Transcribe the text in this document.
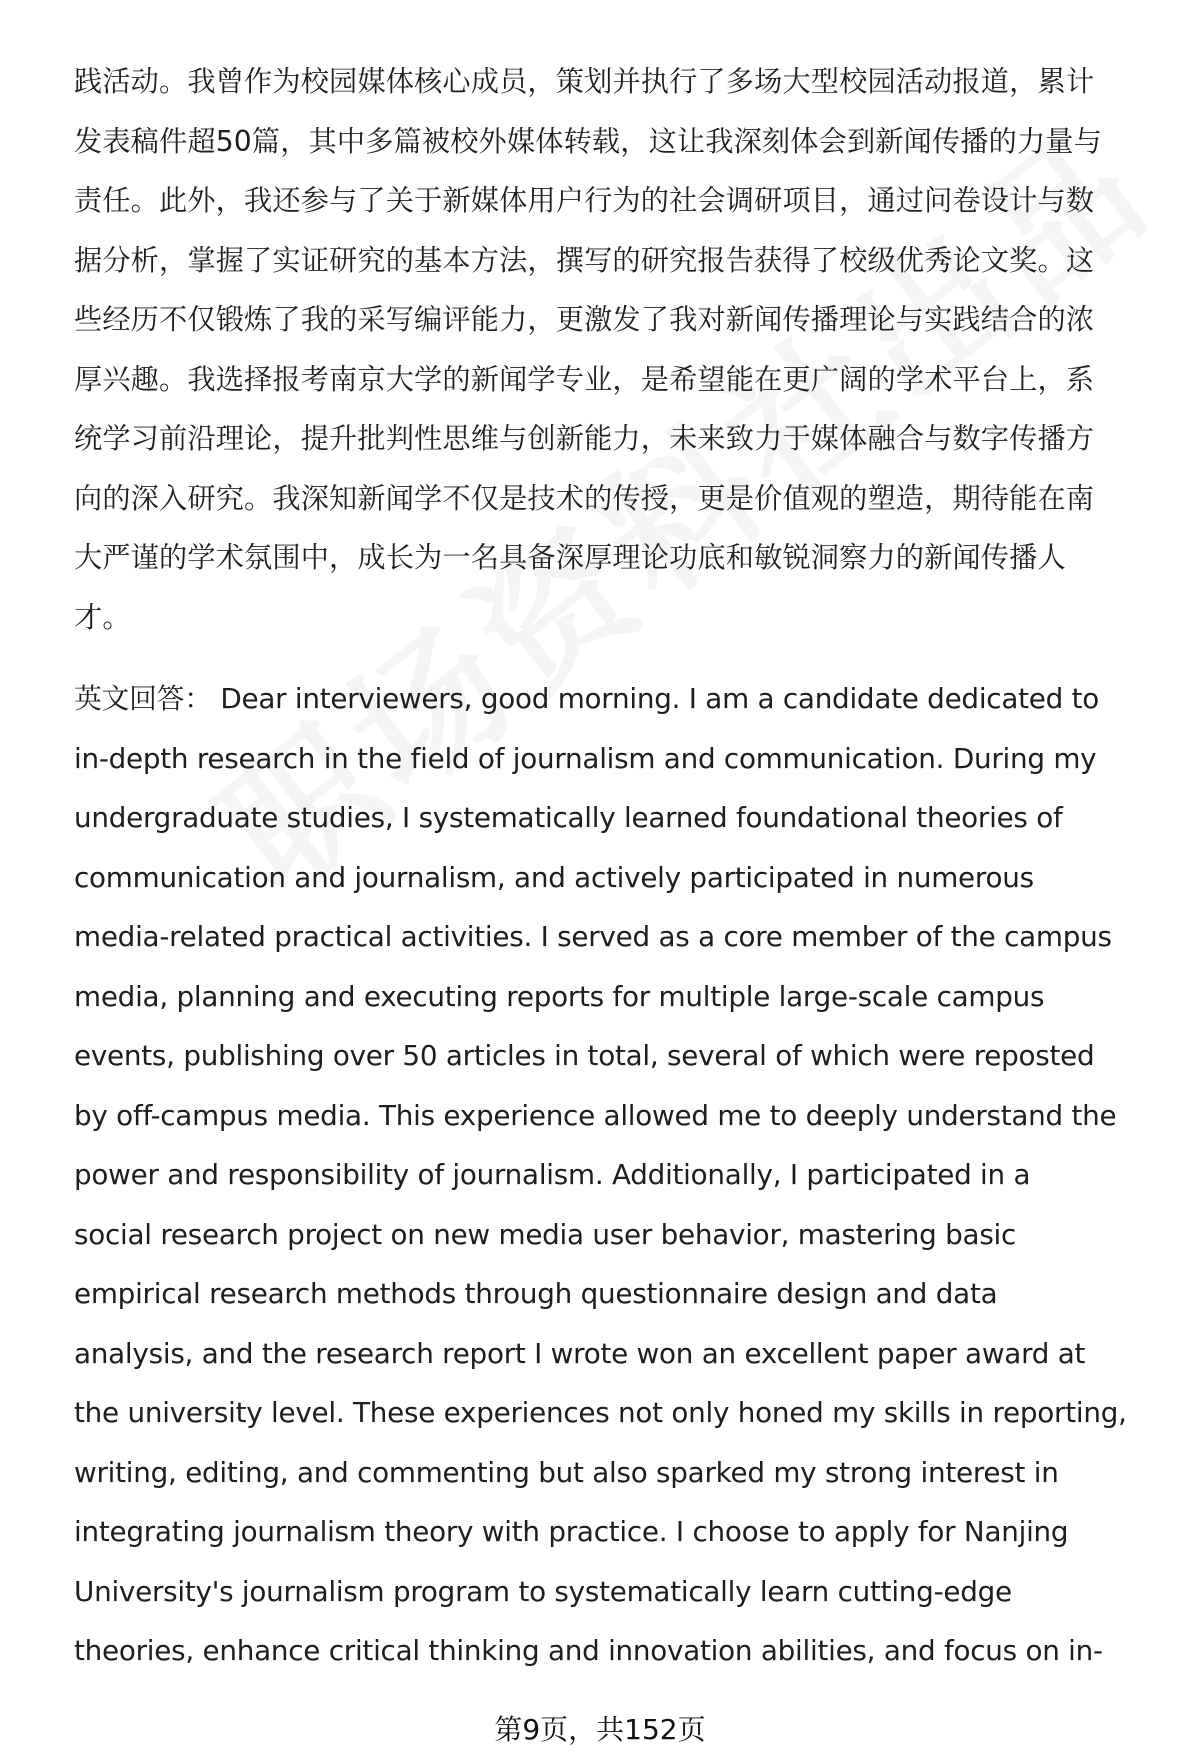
践活动。我曾作为校园媒体核心成员，策划并执行了多场大型校园活动报道，累计
发表稿件超50篇，其中多篇被校外媒体转载，这让我深刻体会到新闻传播的力量与
责任。此外，我还参与了关于新媒体用户行为的社会调研项目，通过问卷设计与数
据分析，掌握了实证研究的基本方法，撰写的研究报告获得了校级优秀论文奖。这
些经历不仅锻炼了我的采写编评能力，更激发了我对新闻传播理论与实践结合的浓
厚兴趣。我选择报考南京大学的新闻学专业，是希望能在更广阔的学术平台上，系
统学习前沿理论，提升批判性思维与创新能力，未来致力于媒体融合与数字传播方
向的深入研究。我深知新闻学不仅是技术的传授，更是价值观的塑造，期待能在南
大严谨的学术氛围中，成长为一名具备深厚理论功底和敏锐洞察力的新闻传播人
才。
英文回答： Dear interviewers, good morning. I am a candidate dedicated to
in-depth research in the field of journalism and communication. During my
undergraduate studies, I systematically learned foundational theories of
communication and journalism, and actively participated in numerous
media-related practical activities. I served as a core member of the campus
media, planning and executing reports for multiple large-scale campus
events, publishing over 50 articles in total, several of which were reposted
by off-campus media. This experience allowed me to deeply understand the
power and responsibility of journalism. Additionally, I participated in a
social research project on new media user behavior, mastering basic
empirical research methods through questionnaire design and data
analysis, and the research report I wrote won an excellent paper award at
the university level. These experiences not only honed my skills in reporting,
writing, editing, and commenting but also sparked my strong interest in
integrating journalism theory with practice. I choose to apply for Nanjing
University's journalism program to systematically learn cutting-edge
theories, enhance critical thinking and innovation abilities, and focus on in-
第9页，共152页
